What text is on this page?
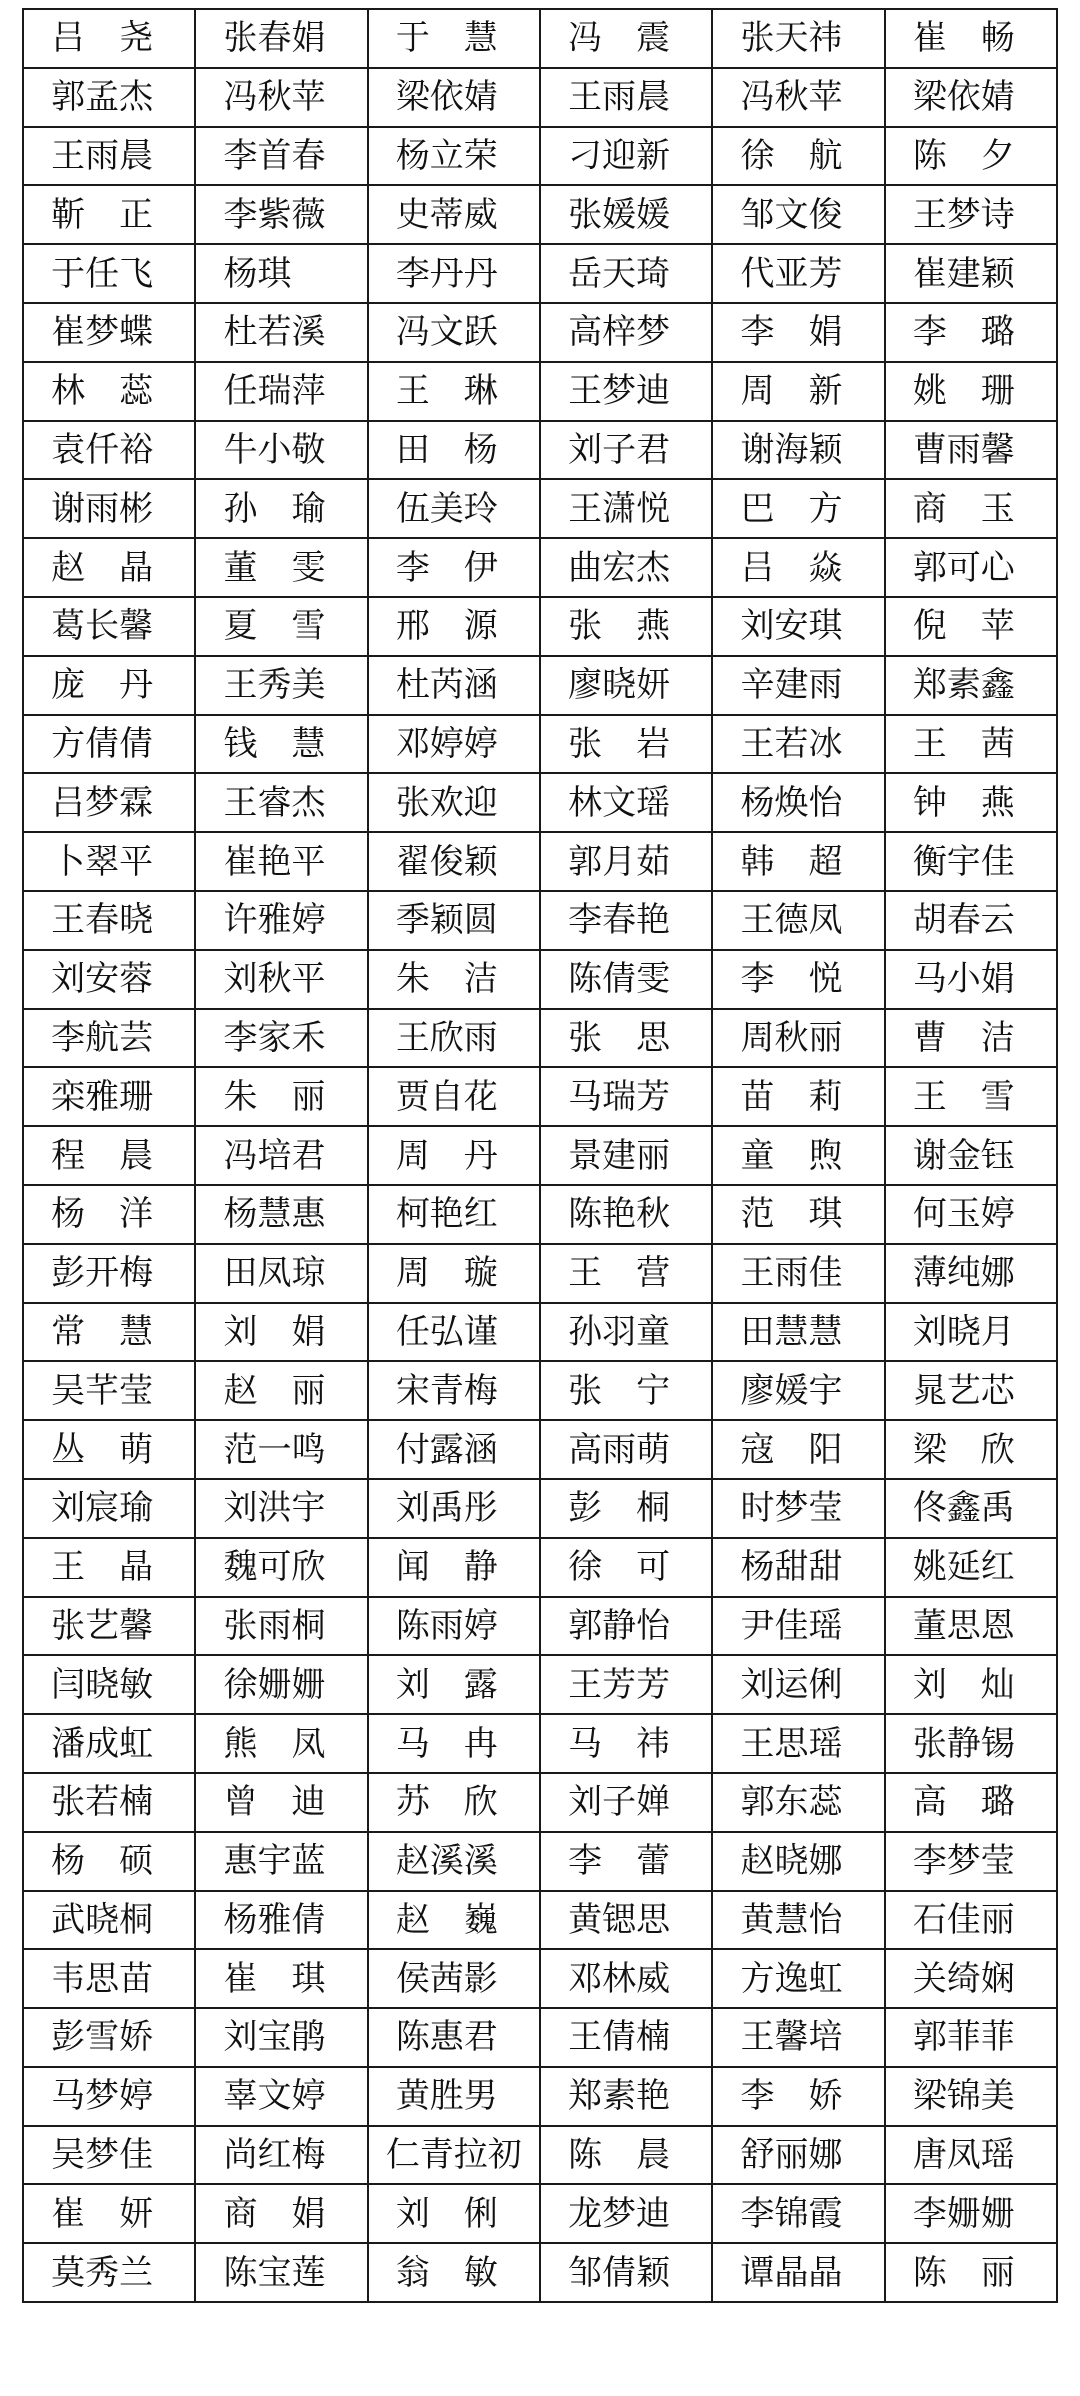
吕　尧	张春娟	于　慧	冯　震	张天祎	崔　畅
郭孟杰	冯秋苹	梁依婧	王雨晨	冯秋苹	梁依婧
王雨晨	李首春	杨立荣	刁迎新	徐　航	陈　夕
靳　正	李紫薇	史蒂威	张媛媛	邹文俊	王梦诗
于任飞	杨琪	李丹丹	岳天琦	代亚芳	崔建颖
崔梦蝶	杜若溪	冯文跃	高梓梦	李　娟	李　璐
林　蕊	任瑞萍	王　琳	王梦迪	周　新	姚　珊
袁仟裕	牛小敬	田　杨	刘子君	谢海颖	曹雨馨
谢雨彬	孙　瑜	伍美玲	王潇悦	巴　方	商　玉
赵　晶	董　雯	李　伊	曲宏杰	吕　焱	郭可心
葛长馨	夏　雪	邢　源	张　燕	刘安琪	倪　苹
庞　丹	王秀美	杜芮涵	廖晓妍	辛建雨	郑素鑫
方倩倩	钱　慧	邓婷婷	张　岩	王若冰	王　茜
吕梦霖	王睿杰	张欢迎	林文瑶	杨焕怡	钟　燕
卜翠平	崔艳平	翟俊颖	郭月茹	韩　超	衡宇佳
王春晓	许雅婷	季颖圆	李春艳	王德凤	胡春云
刘安蓉	刘秋平	朱　洁	陈倩雯	李　悦	马小娟
李航芸	李家禾	王欣雨	张　思	周秋丽	曹　洁
栾雅珊	朱　丽	贾自花	马瑞芳	苗　莉	王　雪
程　晨	冯培君	周　丹	景建丽	童　煦	谢金钰
杨　洋	杨慧惠	柯艳红	陈艳秋	范　琪	何玉婷
彭开梅	田凤琼	周　璇	王　营	王雨佳	薄纯娜
常　慧	刘　娟	任弘谨	孙羽童	田慧慧	刘晓月
吴芊莹	赵　丽	宋青梅	张　宁	廖媛宇	晁艺芯
丛　萌	范一鸣	付露涵	高雨萌	寇　阳	梁　欣
刘宸瑜	刘洪宇	刘禹彤	彭　桐	时梦莹	佟鑫禹
王　晶	魏可欣	闻　静	徐　可	杨甜甜	姚延红
张艺馨	张雨桐	陈雨婷	郭静怡	尹佳瑶	董思恩
闫晓敏	徐姗姗	刘　露	王芳芳	刘运俐	刘　灿
潘成虹	熊　凤	马　冉	马　祎	王思瑶	张静锡
张若楠	曾　迪	苏　欣	刘子婵	郭东蕊	高　璐
杨　硕	惠宇蓝	赵溪溪	李　蕾	赵晓娜	李梦莹
武晓桐	杨雅倩	赵　巍	黄锶思	黄慧怡	石佳丽
韦思苗	崔　琪	侯茜影	邓林威	方逸虹	关绮娴
彭雪娇	刘宝鹃	陈惠君	王倩楠	王馨培	郭菲菲
马梦婷	辜文婷	黄胜男	郑素艳	李　娇	梁锦美
吴梦佳	尚红梅	仁青拉初	陈　晨	舒丽娜	唐凤瑶
崔　妍	商　娟	刘　俐	龙梦迪	李锦霞	李姗姗
莫秀兰	陈宝莲	翁　敏	邹倩颖	谭晶晶	陈　丽
